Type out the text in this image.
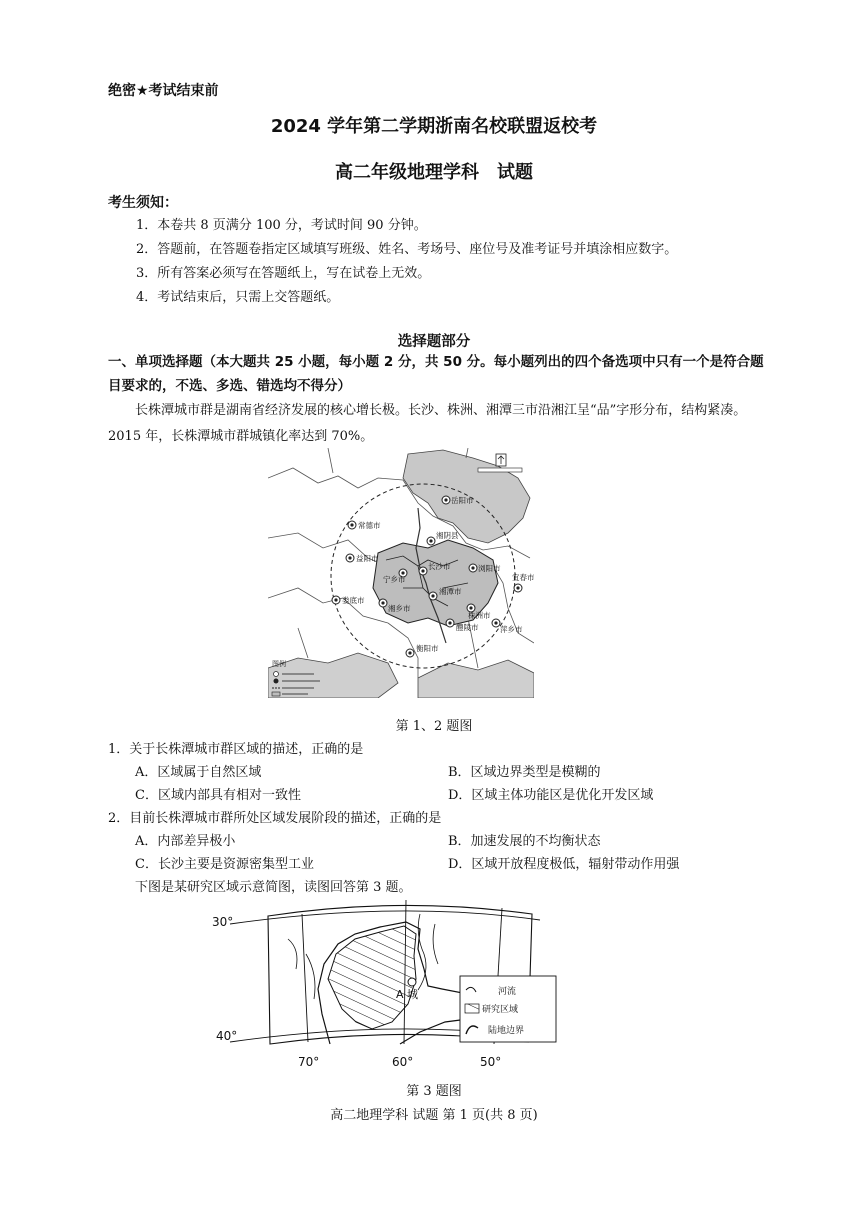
绝密★考试结束前
2024 学年第二学期浙南名校联盟返校考
高二年级地理学科　试题
考生须知：
1．本卷共 8 页满分 100 分，考试时间 90 分钟。
2．答题前，在答题卷指定区域填写班级、姓名、考场号、座位号及准考证号并填涂相应数字。
3．所有答案必须写在答题纸上，写在试卷上无效。
4．考试结束后，只需上交答题纸。
选择题部分
一、单项选择题（本大题共 25 小题，每小题 2 分，共 50 分。每小题列出的四个备选项中只有一个是符合题目要求的，不选、多选、错选均不得分）
长株潭城市群是湖南省经济发展的核心增长极。长沙、株洲、湘潭三市沿湘江呈“品”字形分布，结构紧凑。2015 年，长株潭城市群城镇化率达到 70%。
岳阳市
常德市
益阳市
湘阴县
长沙市	浏阳市
宁乡市
湘潭市
株洲市
娄底市
湘乡市
醴陵市	萍乡市
宜春市
衡阳市
图例
第 1、2 题图
1．关于长株潭城市群区域的描述，正确的是
A．区域属于自然区域	B．区域边界类型是模糊的
C．区域内部具有相对一致性	D．区域主体功能区是优化开发区域
2．目前长株潭城市群所处区域发展阶段的描述，正确的是
A．内部差异极小	B．加速发展的不均衡状态
C．长沙主要是资源密集型工业	D．区域开放程度极低，辐射带动作用强
下图是某研究区域示意简图，读图回答第 3 题。
A 城
30°
40°
70°	60°	50°
河流
研究区域
陆地边界
第 3 题图
高二地理学科 试题 第 1 页(共 8 页)
